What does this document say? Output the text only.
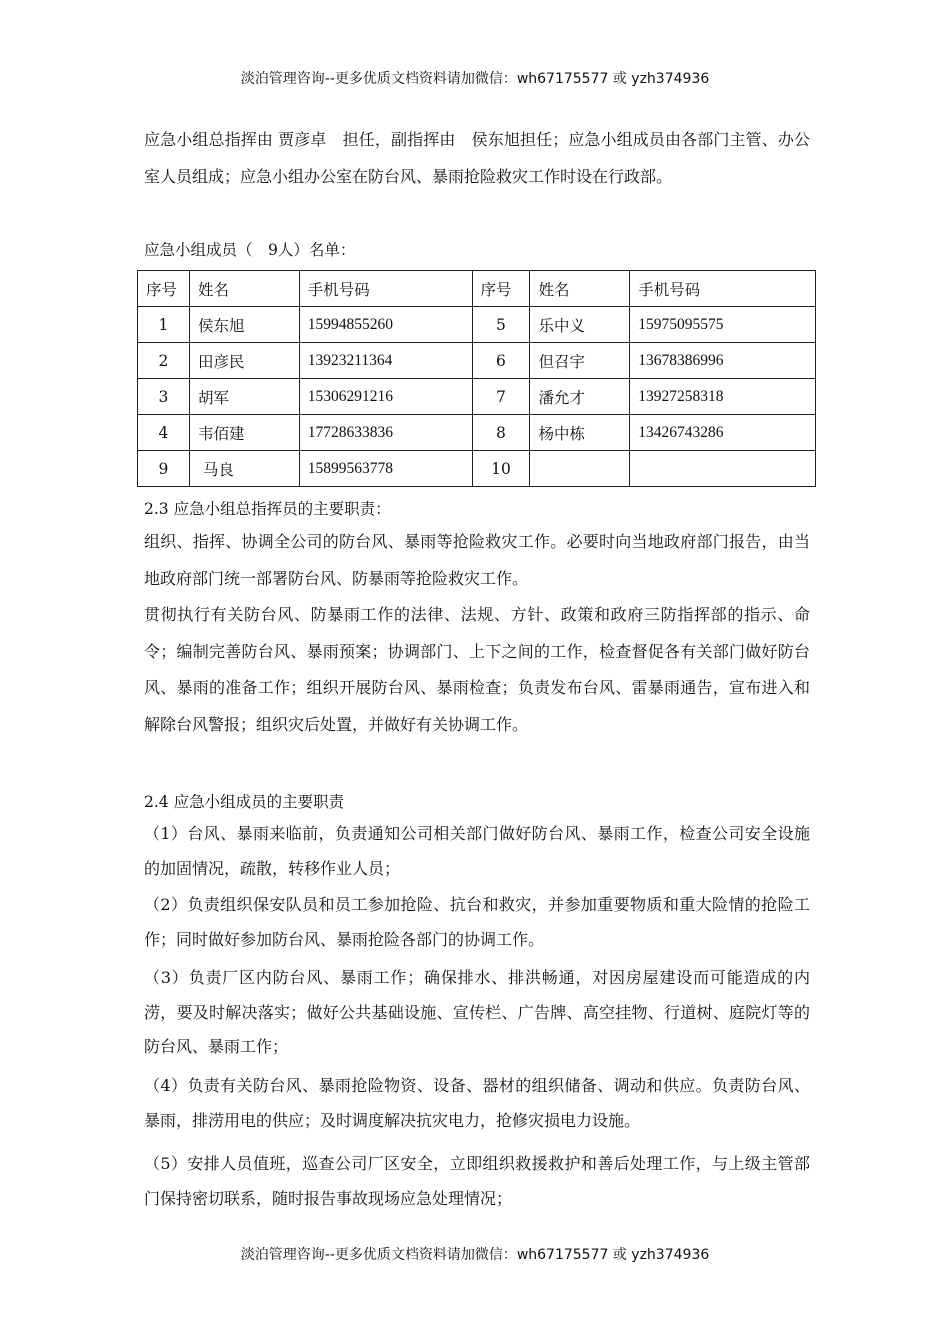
淡泊管理咨询--更多优质文档资料请加微信：wh67175577 或 yzh374936
应急小组总指挥由 贾彦卓　担任，副指挥由　侯东旭担任；应急小组成员由各部门主管、办公室人员组成；应急小组办公室在防台风、暴雨抢险救灾工作时设在行政部。
应急小组成员（　9人）名单：
序号	姓名	手机号码	序号	姓名	手机号码
1	侯东旭	15994855260	5	乐中义	15975095575
2	田彦民	13923211364	6	但召宇	13678386996
3	胡军	15306291216	7	潘允才	13927258318
4	韦佰建	17728633836	8	杨中栋	13426743286
9	马良	15899563778	10		
2.3 应急小组总指挥员的主要职责：
组织、指挥、协调全公司的防台风、暴雨等抢险救灾工作。必要时向当地政府部门报告，由当地政府部门统一部署防台风、防暴雨等抢险救灾工作。
贯彻执行有关防台风、防暴雨工作的法律、法规、方针、政策和政府三防指挥部的指示、命令；编制完善防台风、暴雨预案；协调部门、上下之间的工作，检查督促各有关部门做好防台风、暴雨的准备工作；组织开展防台风、暴雨检查；负责发布台风、雷暴雨通告，宣布进入和解除台风警报；组织灾后处置，并做好有关协调工作。
2.4 应急小组成员的主要职责
（1）台风、暴雨来临前，负责通知公司相关部门做好防台风、暴雨工作，检查公司安全设施的加固情况，疏散，转移作业人员；
（2）负责组织保安队员和员工参加抢险、抗台和救灾，并参加重要物质和重大险情的抢险工作；同时做好参加防台风、暴雨抢险各部门的协调工作。
（3）负责厂区内防台风、暴雨工作；确保排水、排洪畅通，对因房屋建设而可能造成的内涝，要及时解决落实；做好公共基础设施、宣传栏、广告牌、高空挂物、行道树、庭院灯等的防台风、暴雨工作；
（4）负责有关防台风、暴雨抢险物资、设备、器材的组织储备、调动和供应。负责防台风、暴雨，排涝用电的供应；及时调度解决抗灾电力，抢修灾损电力设施。
（5）安排人员值班，巡查公司厂区安全，立即组织救援救护和善后处理工作，与上级主管部门保持密切联系，随时报告事故现场应急处理情况；
淡泊管理咨询--更多优质文档资料请加微信：wh67175577 或 yzh374936
